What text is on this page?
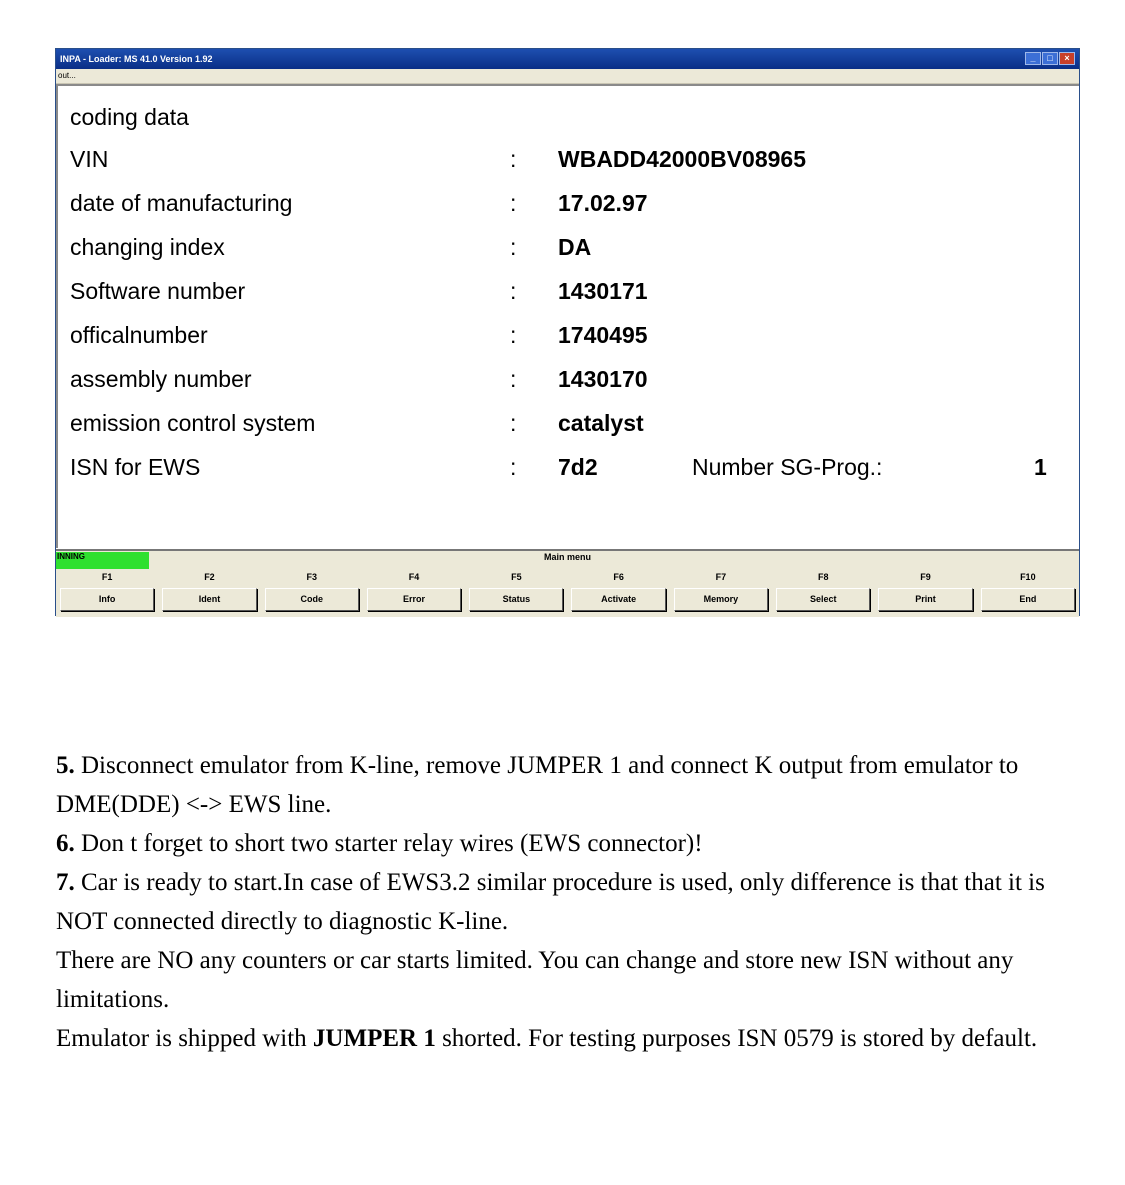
INPA - Loader: MS 41.0 Version 1.92	_	□	×
out...
coding data
VIN	: WBADD42000BV08965
date of manufacturing	: 17.02.97
changing index	: DA
Software number	: 1430171
officalnumber	: 1740495
assembly number	: 1430170
emission control system	: catalyst
ISN for EWS	: 7d2	Number SG-Prog.:	1
INNING	Main menu
F1
Info
F2
Ident
F3
Code
F4
Error
F5
Status
F6
Activate
F7
Memory
F8
Select
F9
Print
F10
End

5. Disconnect emulator from K-line, remove JUMPER 1 and connect K output from emulator to DME(DDE) <-> EWS line.

6. Don t forget to short two starter relay wires (EWS connector)!

7. Car is ready to start.In case of EWS3.2 similar procedure is used, only difference is that that it is NOT connected directly to diagnostic K-line.

There are NO any counters or car starts limited. You can change and store new ISN without any limitations.

Emulator is shipped with JUMPER 1 shorted. For testing purposes ISN 0579 is stored by default.
